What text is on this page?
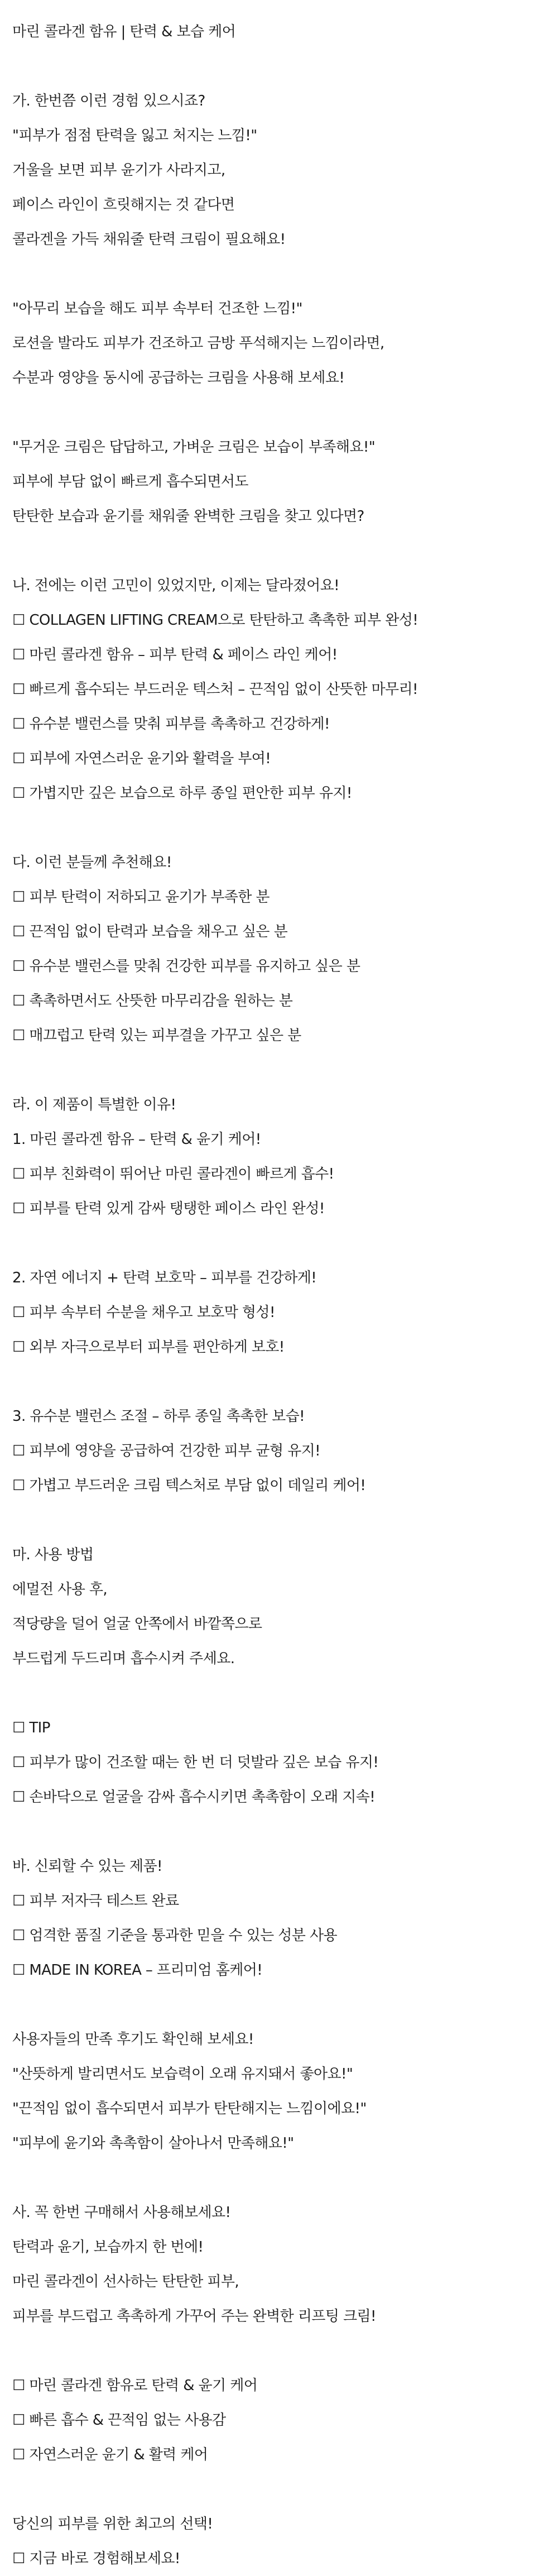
마린 콜라겐 함유 | 탄력 & 보습 케어
가. 한번쯤 이런 경험 있으시죠?
"피부가 점점 탄력을 잃고 처지는 느낌!"
거울을 보면 피부 윤기가 사라지고,
페이스 라인이 흐릿해지는 것 같다면
콜라겐을 가득 채워줄 탄력 크림이 필요해요!
"아무리 보습을 해도 피부 속부터 건조한 느낌!"
로션을 발라도 피부가 건조하고 금방 푸석해지는 느낌이라면,
수분과 영양을 동시에 공급하는 크림을 사용해 보세요!
"무거운 크림은 답답하고, 가벼운 크림은 보습이 부족해요!"
피부에 부담 없이 빠르게 흡수되면서도
탄탄한 보습과 윤기를 채워줄 완벽한 크림을 찾고 있다면?
나. 전에는 이런 고민이 있었지만, 이제는 달라졌어요!
☐ COLLAGEN LIFTING CREAM으로 탄탄하고 촉촉한 피부 완성!
☐ 마린 콜라겐 함유 – 피부 탄력 & 페이스 라인 케어!
☐ 빠르게 흡수되는 부드러운 텍스처 – 끈적임 없이 산뜻한 마무리!
☐ 유수분 밸런스를 맞춰 피부를 촉촉하고 건강하게!
☐ 피부에 자연스러운 윤기와 활력을 부여!
☐ 가볍지만 깊은 보습으로 하루 종일 편안한 피부 유지!
다. 이런 분들께 추천해요!
☐ 피부 탄력이 저하되고 윤기가 부족한 분
☐ 끈적임 없이 탄력과 보습을 채우고 싶은 분
☐ 유수분 밸런스를 맞춰 건강한 피부를 유지하고 싶은 분
☐ 촉촉하면서도 산뜻한 마무리감을 원하는 분
☐ 매끄럽고 탄력 있는 피부결을 가꾸고 싶은 분
라. 이 제품이 특별한 이유!
1. 마린 콜라겐 함유 – 탄력 & 윤기 케어!
☐ 피부 친화력이 뛰어난 마린 콜라겐이 빠르게 흡수!
☐ 피부를 탄력 있게 감싸 탱탱한 페이스 라인 완성!
2. 자연 에너지 + 탄력 보호막 – 피부를 건강하게!
☐ 피부 속부터 수분을 채우고 보호막 형성!
☐ 외부 자극으로부터 피부를 편안하게 보호!
3. 유수분 밸런스 조절 – 하루 종일 촉촉한 보습!
☐ 피부에 영양을 공급하여 건강한 피부 균형 유지!
☐ 가볍고 부드러운 크림 텍스처로 부담 없이 데일리 케어!
마. 사용 방법
에멀전 사용 후,
적당량을 덜어 얼굴 안쪽에서 바깥쪽으로
부드럽게 두드리며 흡수시켜 주세요.
☐ TIP
☐ 피부가 많이 건조할 때는 한 번 더 덧발라 깊은 보습 유지!
☐ 손바닥으로 얼굴을 감싸 흡수시키면 촉촉함이 오래 지속!
바. 신뢰할 수 있는 제품!
☐ 피부 저자극 테스트 완료
☐ 엄격한 품질 기준을 통과한 믿을 수 있는 성분 사용
☐ MADE IN KOREA – 프리미엄 홈케어!
사용자들의 만족 후기도 확인해 보세요!
"산뜻하게 발리면서도 보습력이 오래 유지돼서 좋아요!"
"끈적임 없이 흡수되면서 피부가 탄탄해지는 느낌이에요!"
"피부에 윤기와 촉촉함이 살아나서 만족해요!"
사. 꼭 한번 구매해서 사용해보세요!
탄력과 윤기, 보습까지 한 번에!
마린 콜라겐이 선사하는 탄탄한 피부,
피부를 부드럽고 촉촉하게 가꾸어 주는 완벽한 리프팅 크림!
☐ 마린 콜라겐 함유로 탄력 & 윤기 케어
☐ 빠른 흡수 & 끈적임 없는 사용감
☐ 자연스러운 윤기 & 활력 케어
당신의 피부를 위한 최고의 선택!
☐ 지금 바로 경험해보세요!
